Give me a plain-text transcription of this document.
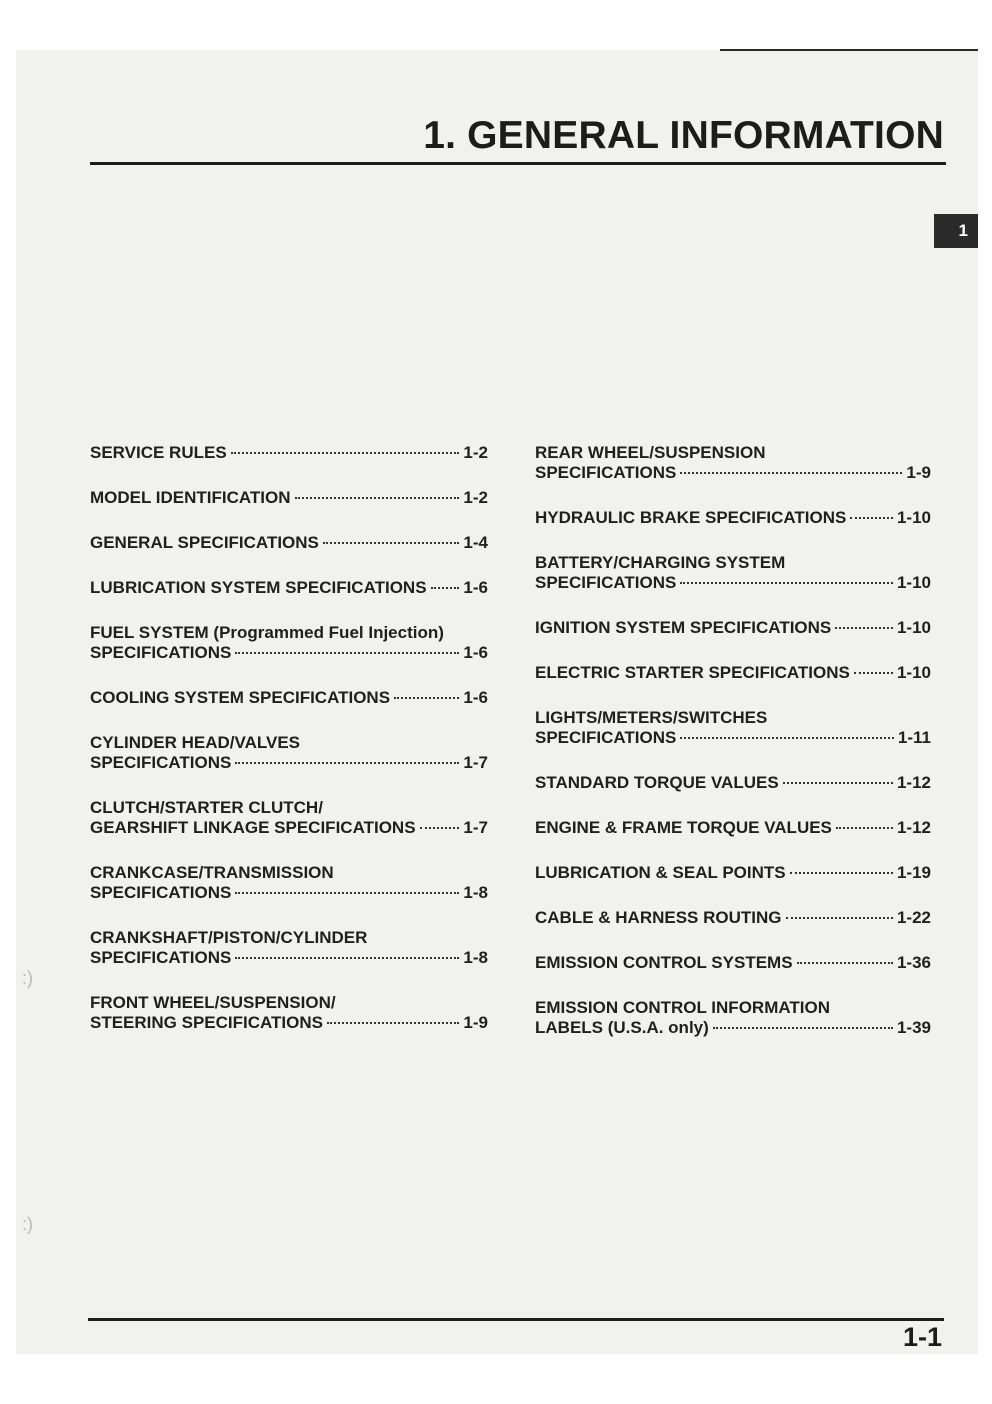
1. GENERAL INFORMATION
1
SERVICE RULES	1-2
MODEL IDENTIFICATION	1-2
GENERAL SPECIFICATIONS	1-4
LUBRICATION SYSTEM SPECIFICATIONS 1-6
FUEL SYSTEM (Programmed Fuel Injection)
SPECIFICATIONS	1-6
COOLING SYSTEM SPECIFICATIONS	1-6
CYLINDER HEAD/VALVES
SPECIFICATIONS	1-7
CLUTCH/STARTER CLUTCH/
GEARSHIFT LINKAGE SPECIFICATIONS	1-7
CRANKCASE/TRANSMISSION
SPECIFICATIONS	1-8
CRANKSHAFT/PISTON/CYLINDER
SPECIFICATIONS	1-8
FRONT WHEEL/SUSPENSION/
STEERING SPECIFICATIONS	1-9
REAR WHEEL/SUSPENSION
SPECIFICATIONS	1-9
HYDRAULIC BRAKE SPECIFICATIONS	1-10
BATTERY/CHARGING SYSTEM
SPECIFICATIONS	1-10
IGNITION SYSTEM SPECIFICATIONS	1-10
ELECTRIC STARTER SPECIFICATIONS	1-10
LIGHTS/METERS/SWITCHES
SPECIFICATIONS	1-11
STANDARD TORQUE VALUES	1-12
ENGINE & FRAME TORQUE VALUES	1-12
LUBRICATION & SEAL POINTS	1-19
CABLE & HARNESS ROUTING	1-22
EMISSION CONTROL SYSTEMS	1-36
EMISSION CONTROL INFORMATION
LABELS (U.S.A. only)	1-39
1-1
:)
:)
